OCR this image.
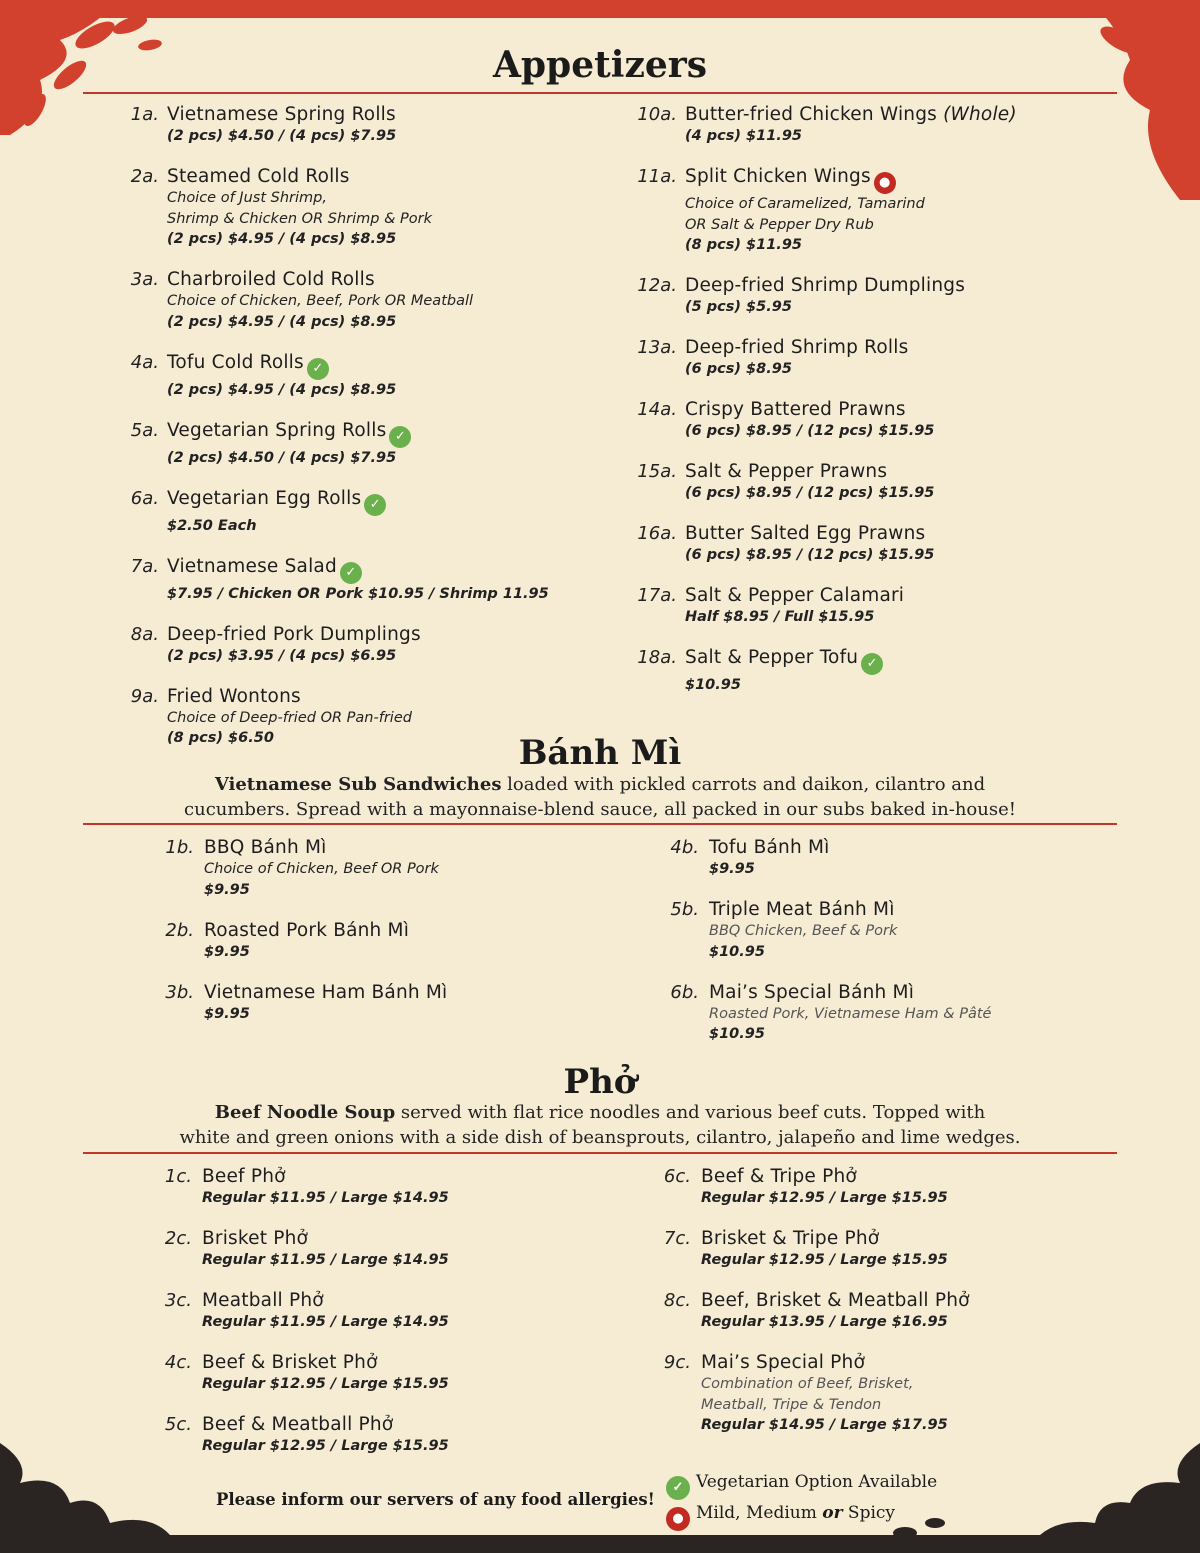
Appetizers
1a. Vietnamese Spring Rolls
(2 pcs) $4.50 / (4 pcs) $7.95
2a. Steamed Cold Rolls
Choice of Just Shrimp,
Shrimp & Chicken OR Shrimp & Pork
(2 pcs) $4.95 / (4 pcs) $8.95
3a. Charbroiled Cold Rolls
Choice of Chicken, Beef, Pork OR Meatball
(2 pcs) $4.95 / (4 pcs) $8.95
4a. Tofu Cold Rolls ✓
(2 pcs) $4.95 / (4 pcs) $8.95
5a. Vegetarian Spring Rolls ✓
(2 pcs) $4.50 / (4 pcs) $7.95
6a. Vegetarian Egg Rolls ✓
$2.50 Each
7a. Vietnamese Salad ✓
$7.95 / Chicken OR Pork $10.95 / Shrimp 11.95
8a. Deep-fried Pork Dumplings
(2 pcs) $3.95 / (4 pcs) $6.95
9a. Fried Wontons
Choice of Deep-fried OR Pan-fried
(8 pcs) $6.50
10a. Butter-fried Chicken Wings (Whole)
(4 pcs) $11.95
11a. Split Chicken Wings ●
Choice of Caramelized, Tamarind
OR Salt & Pepper Dry Rub
(8 pcs) $11.95
12a. Deep-fried Shrimp Dumplings
(5 pcs) $5.95
13a. Deep-fried Shrimp Rolls
(6 pcs) $8.95
14a. Crispy Battered Prawns
(6 pcs) $8.95 / (12 pcs) $15.95
15a. Salt & Pepper Prawns
(6 pcs) $8.95 / (12 pcs) $15.95
16a. Butter Salted Egg Prawns
(6 pcs) $8.95 / (12 pcs) $15.95
17a. Salt & Pepper Calamari
Half $8.95 / Full $15.95
18a. Salt & Pepper Tofu ✓
$10.95
Bánh Mì
Vietnamese Sub Sandwiches loaded with pickled carrots and daikon, cilantro and
cucumbers. Spread with a mayonnaise-blend sauce, all packed in our subs baked in-house!
1b. BBQ Bánh Mì
Choice of Chicken, Beef OR Pork
$9.95
2b. Roasted Pork Bánh Mì
$9.95
3b. Vietnamese Ham Bánh Mì
$9.95
4b. Tofu Bánh Mì
$9.95
5b. Triple Meat Bánh Mì
BBQ Chicken, Beef & Pork
$10.95
6b. Mai’s Special Bánh Mì
Roasted Pork, Vietnamese Ham & Pâté
$10.95
Phở
Beef Noodle Soup served with flat rice noodles and various beef cuts. Topped with
white and green onions with a side dish of beansprouts, cilantro, jalapeño and lime wedges.
1c. Beef Phở
Regular $11.95 / Large $14.95
2c. Brisket Phở
Regular $11.95 / Large $14.95
3c. Meatball Phở
Regular $11.95 / Large $14.95
4c. Beef & Brisket Phở
Regular $12.95 / Large $15.95
5c. Beef & Meatball Phở
Regular $12.95 / Large $15.95
6c. Beef & Tripe Phở
Regular $12.95 / Large $15.95
7c. Brisket & Tripe Phở
Regular $12.95 / Large $15.95
8c. Beef, Brisket & Meatball Phở
Regular $13.95 / Large $16.95
9c. Mai’s Special Phở
Combination of Beef, Brisket,
Meatball, Tripe & Tendon
Regular $14.95 / Large $17.95
Please inform our servers of any food allergies!
✓ Vegetarian Option Available
● Mild, Medium or Spicy
